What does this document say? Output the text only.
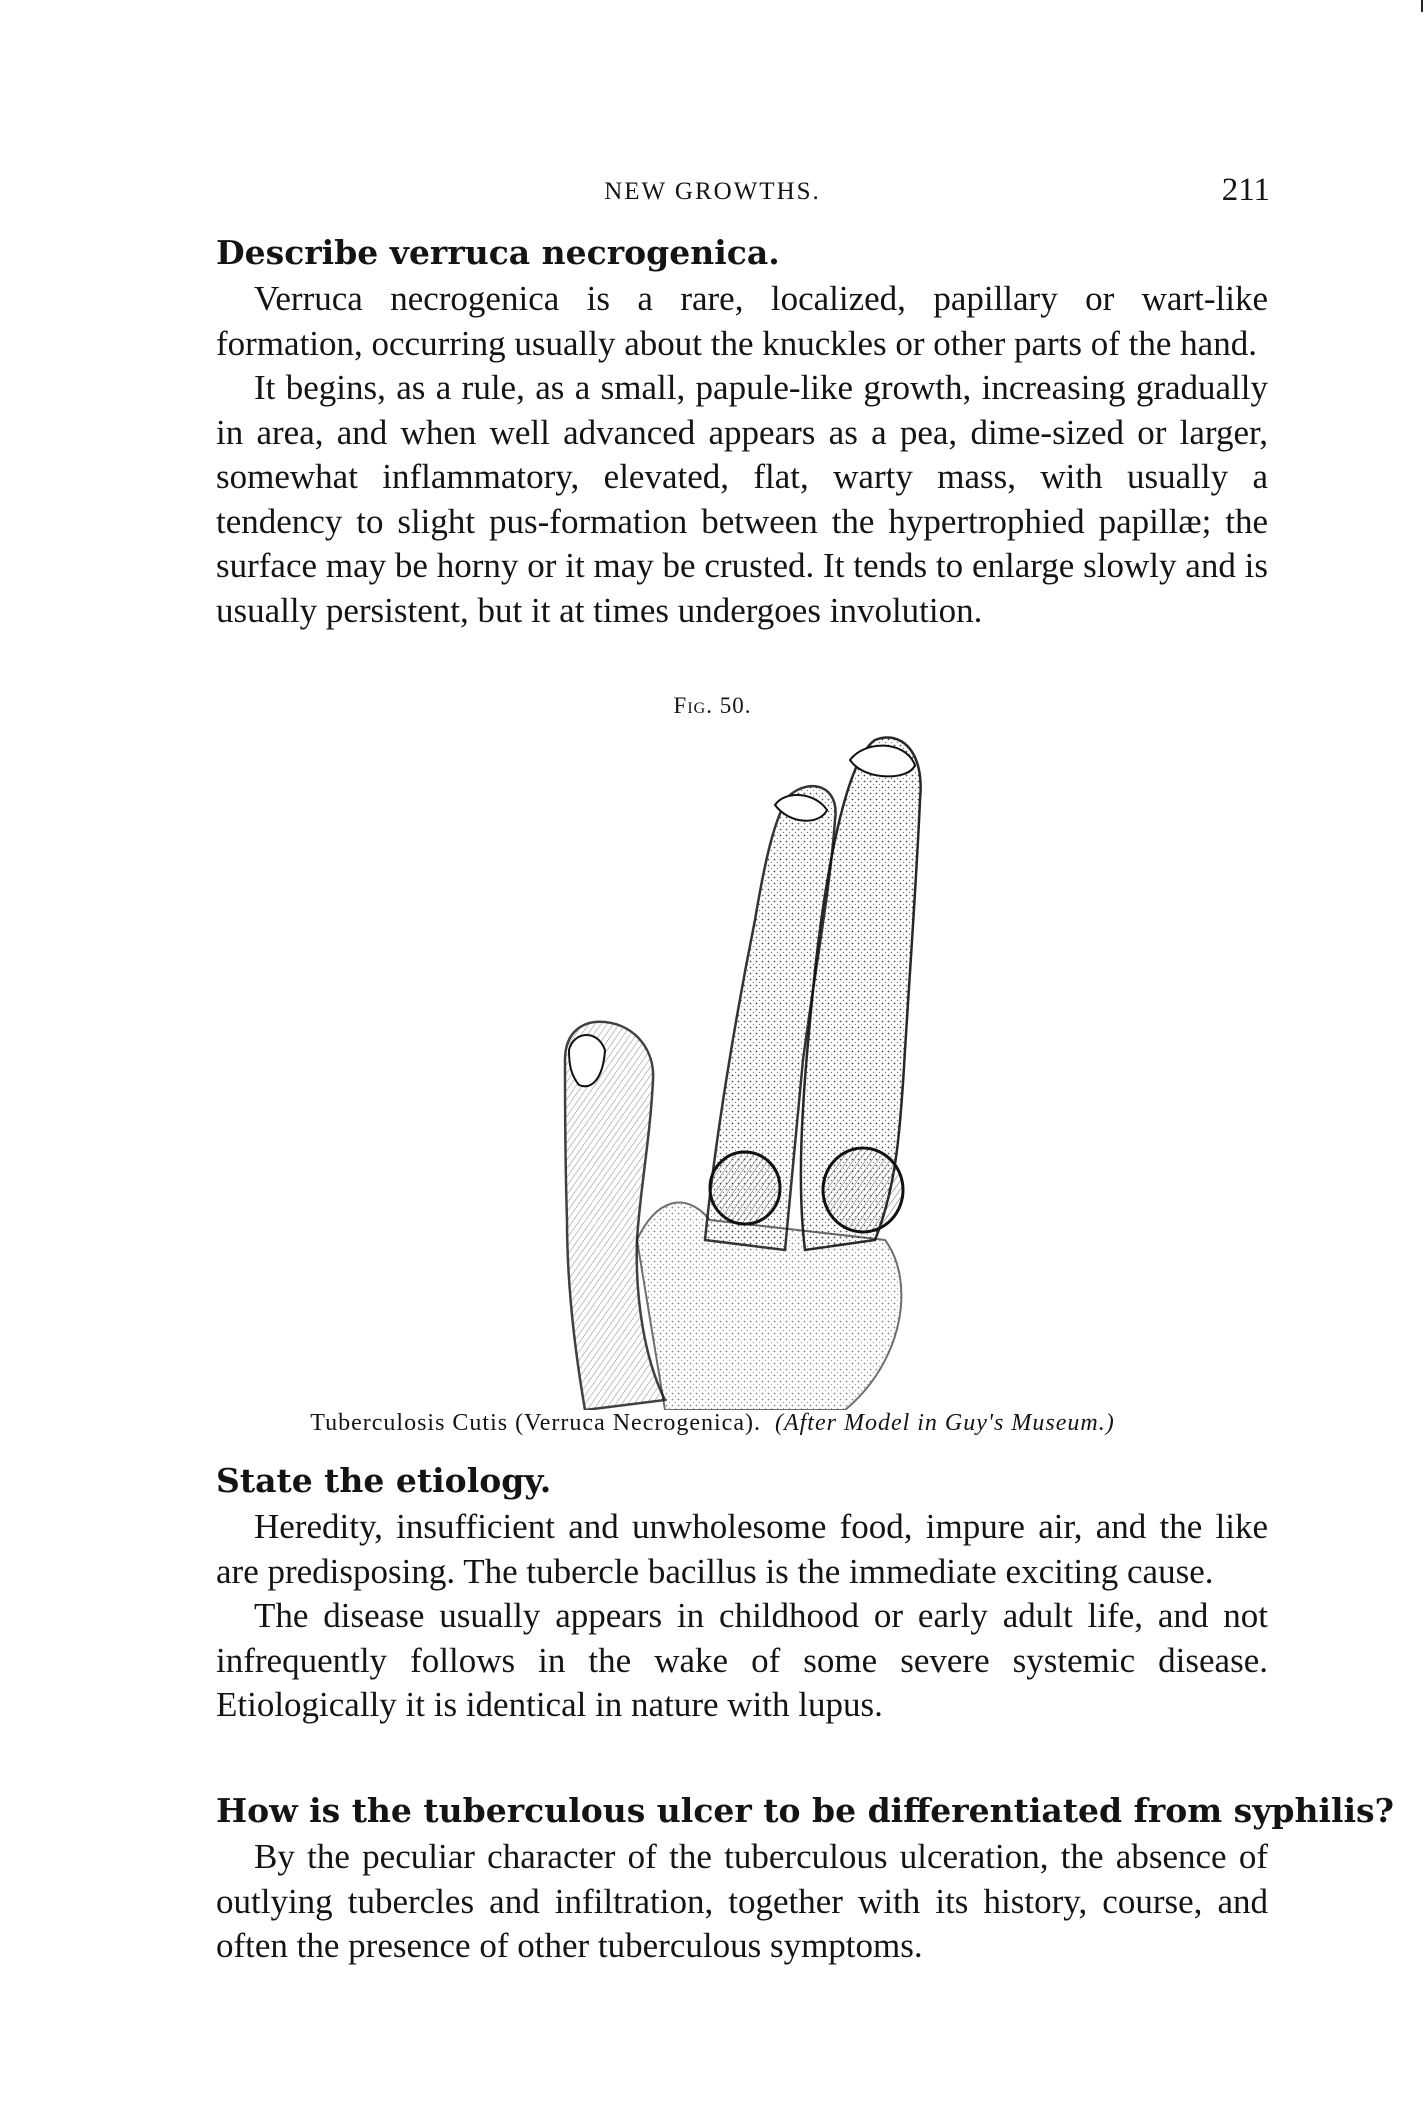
NEW GROWTHS.	211
Describe verruca necrogenica.

Verruca necrogenica is a rare, localized, papillary or wart-like formation, occurring usually about the knuckles or other parts of the hand.

It begins, as a rule, as a small, papule-like growth, increasing gradually in area, and when well advanced appears as a pea, dime-sized or larger, somewhat inflammatory, elevated, flat, warty mass, with usually a tendency to slight pus-formation between the hypertrophied papillæ; the surface may be horny or it may be crusted. It tends to enlarge slowly and is usually persistent, but it at times undergoes involution.

Fig. 50.
Tuberculosis Cutis (Verruca Necrogenica). (After Model in Guy's Museum.)
State the etiology.

Heredity, insufficient and unwholesome food, impure air, and the like are predisposing. The tubercle bacillus is the immediate exciting cause.

The disease usually appears in childhood or early adult life, and not infrequently follows in the wake of some severe systemic disease. Etiologically it is identical in nature with lupus.

How is the tuberculous ulcer to be differentiated from syphilis?

By the peculiar character of the tuberculous ulceration, the absence of outlying tubercles and infiltration, together with its history, course, and often the presence of other tuberculous symptoms.
